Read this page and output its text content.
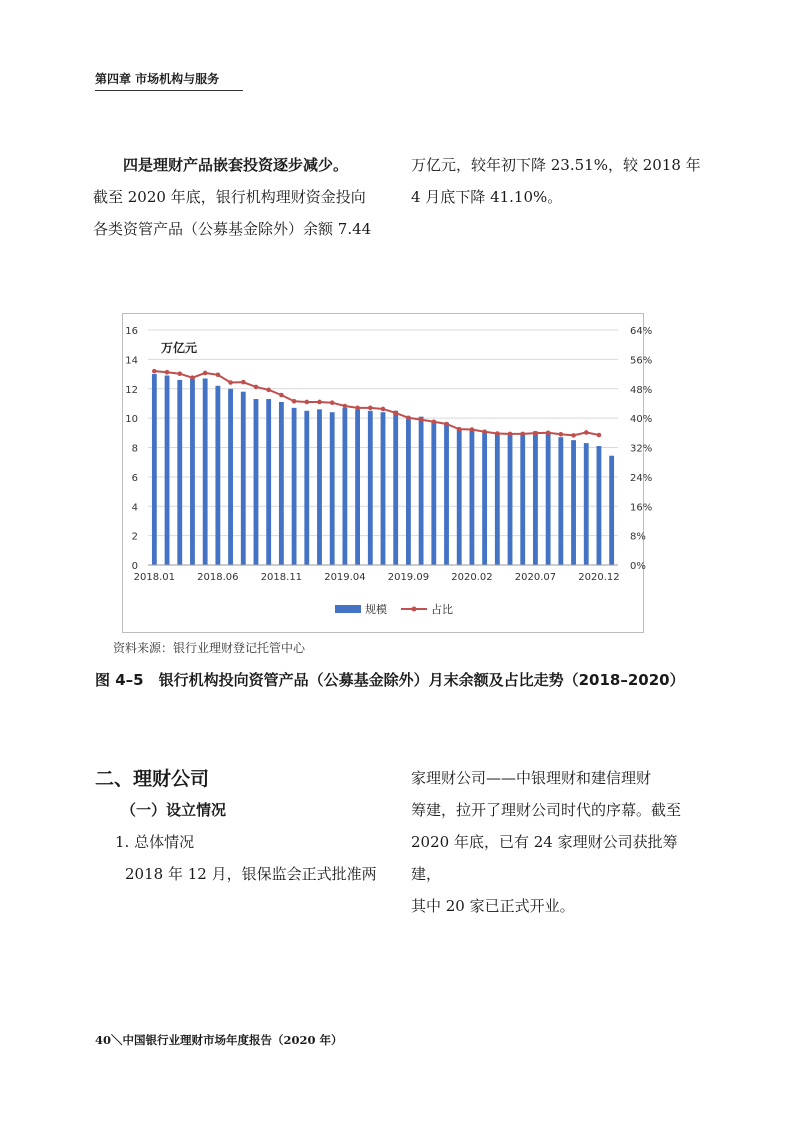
第四章 市场机构与服务

四是理财产品嵌套投资逐步减少。

截至 2020 年底，银行机构理财资金投向

各类资管产品（公募基金除外）余额 7.44

万亿元，较年初下降 23.51%，较 2018 年

4 月底下降 41.10%。

0
2
4
6
8
10
12
14
16
0%
8%
16%
24%
32%
40%
48%
56%
64%
2018.01 2018.06 2018.11 2019.04 2019.09 2020.02 2020.07 2020.12
万亿元
规模	占比
资料来源：银行业理财登记托管中心
图 4–5　银行机构投向资管产品（公募基金除外）月末余额及占比走势（2018–2020）
二、理财公司

（一）设立情况

1. 总体情况

2018 年 12 月，银保监会正式批准两

家理财公司——中银理财和建信理财

筹建，拉开了理财公司时代的序幕。截至

2020 年底，已有 24 家理财公司获批筹建，

其中 20 家已正式开业。

40＼中国银行业理财市场年度报告（2020 年）
